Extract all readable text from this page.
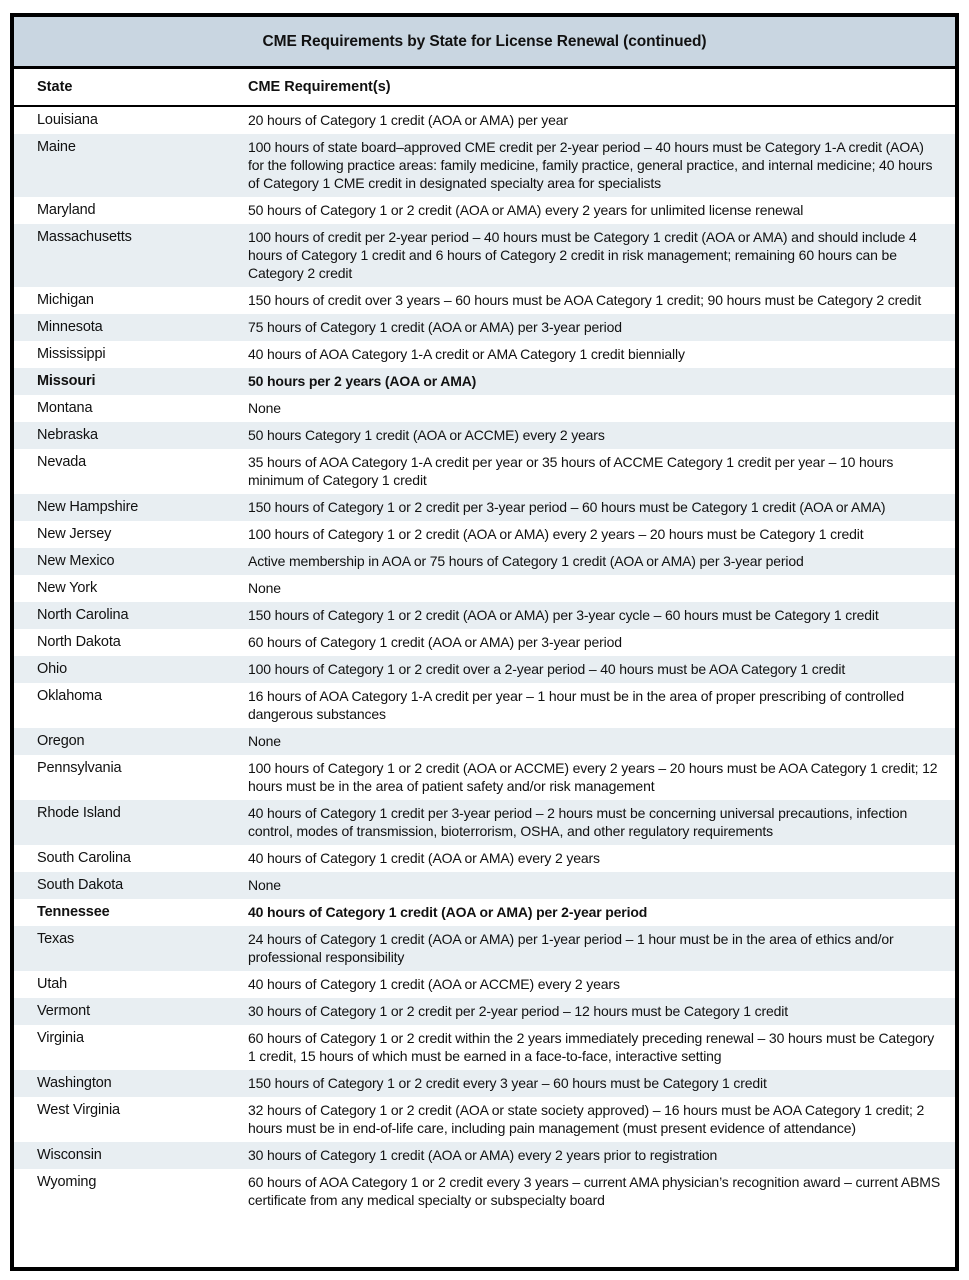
CME Requirements by State for License Renewal (continued)
State	CME Requirement(s)
Louisiana	20 hours of Category 1 credit (AOA or AMA) per year
Maine	100 hours of state board–approved CME credit per 2-year period – 40 hours must be Category 1-A credit (AOA) for the following practice areas: family medicine, family practice, general practice, and internal medicine; 40 hours of Category 1 CME credit in designated specialty area for specialists
Maryland	50 hours of Category 1 or 2 credit (AOA or AMA) every 2 years for unlimited license renewal
Massachusetts	100 hours of credit per 2-year period – 40 hours must be Category 1 credit (AOA or AMA) and should include 4 hours of Category 1 credit and 6 hours of Category 2 credit in risk management; remaining 60 hours can be Category 2 credit
Michigan	150 hours of credit over 3 years – 60 hours must be AOA Category 1 credit; 90 hours must be Category 2 credit
Minnesota	75 hours of Category 1 credit (AOA or AMA) per 3-year period
Mississippi	40 hours of AOA Category 1-A credit or AMA Category 1 credit biennially
Missouri	50 hours per 2 years (AOA or AMA)
Montana	None
Nebraska	50 hours Category 1 credit (AOA or ACCME) every 2 years
Nevada	35 hours of AOA Category 1-A credit per year or 35 hours of ACCME Category 1 credit per year – 10 hours minimum of Category 1 credit
New Hampshire	150 hours of Category 1 or 2 credit per 3-year period – 60 hours must be Category 1 credit (AOA or AMA)
New Jersey	100 hours of Category 1 or 2 credit (AOA or AMA) every 2 years – 20 hours must be Category 1 credit
New Mexico	Active membership in AOA or 75 hours of Category 1 credit (AOA or AMA) per 3-year period
New York	None
North Carolina	150 hours of Category 1 or 2 credit (AOA or AMA) per 3-year cycle – 60 hours must be Category 1 credit
North Dakota	60 hours of Category 1 credit (AOA or AMA) per 3-year period
Ohio	100 hours of Category 1 or 2 credit over a 2-year period – 40 hours must be AOA Category 1 credit
Oklahoma	16 hours of AOA Category 1-A credit per year – 1 hour must be in the area of proper prescribing of controlled dangerous substances
Oregon	None
Pennsylvania	100 hours of Category 1 or 2 credit (AOA or ACCME) every 2 years – 20 hours must be AOA Category 1 credit; 12 hours must be in the area of patient safety and/or risk management
Rhode Island	40 hours of Category 1 credit per 3-year period – 2 hours must be concerning universal precautions, infection control, modes of transmission, bioterrorism, OSHA, and other regulatory requirements
South Carolina	40 hours of Category 1 credit (AOA or AMA) every 2 years
South Dakota	None
Tennessee	40 hours of Category 1 credit (AOA or AMA) per 2-year period
Texas	24 hours of Category 1 credit (AOA or AMA) per 1-year period – 1 hour must be in the area of ethics and/or professional responsibility
Utah	40 hours of Category 1 credit (AOA or ACCME) every 2 years
Vermont	30 hours of Category 1 or 2 credit per 2-year period – 12 hours must be Category 1 credit
Virginia	60 hours of Category 1 or 2 credit within the 2 years immediately preceding renewal – 30 hours must be Category 1 credit, 15 hours of which must be earned in a face-to-face, interactive setting
Washington	150 hours of Category 1 or 2 credit every 3 year – 60 hours must be Category 1 credit
West Virginia	32 hours of Category 1 or 2 credit (AOA or state society approved) – 16 hours must be AOA Category 1 credit; 2 hours must be in end-of-life care, including pain management (must present evidence of attendance)
Wisconsin	30 hours of Category 1 credit (AOA or AMA) every 2 years prior to registration
Wyoming	60 hours of AOA Category 1 or 2 credit every 3 years – current AMA physician’s recognition award – current ABMS certificate from any medical specialty or subspecialty board
